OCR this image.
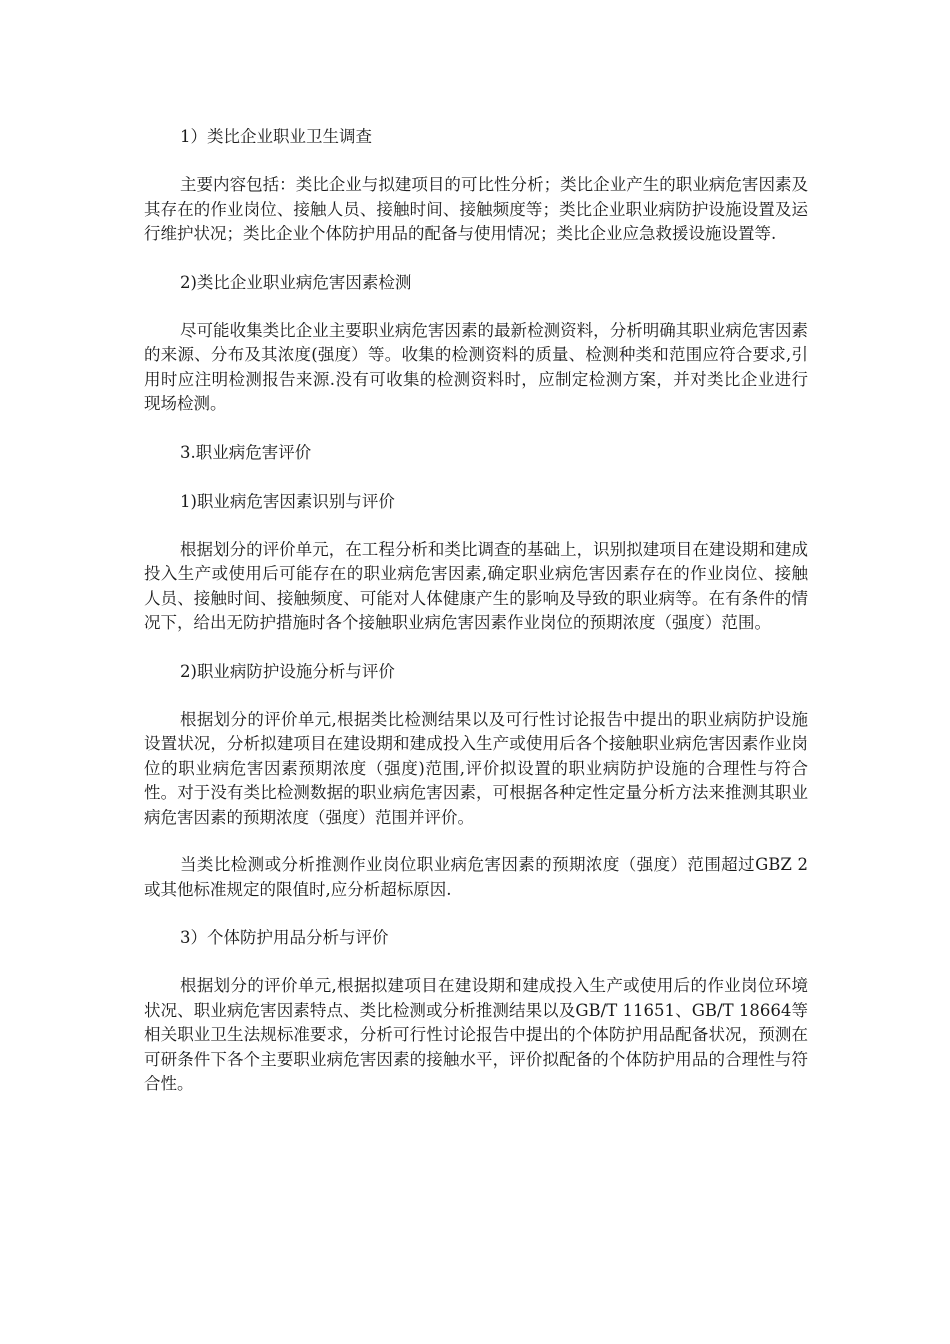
1）类比企业职业卫生调查

主要内容包括：类比企业与拟建项目的可比性分析；类比企业产生的职业病危害因素及其存在的作业岗位、接触人员、接触时间、接触频度等；类比企业职业病防护设施设置及运行维护状况；类比企业个体防护用品的配备与使用情况；类比企业应急救援设施设置等.

2)类比企业职业病危害因素检测

尽可能收集类比企业主要职业病危害因素的最新检测资料，分析明确其职业病危害因素的来源、分布及其浓度(强度）等。收集的检测资料的质量、检测种类和范围应符合要求,引用时应注明检测报告来源.没有可收集的检测资料时，应制定检测方案，并对类比企业进行现场检测。

3.职业病危害评价
1)职业病危害因素识别与评价

根据划分的评价单元，在工程分析和类比调查的基础上，识别拟建项目在建设期和建成投入生产或使用后可能存在的职业病危害因素,确定职业病危害因素存在的作业岗位、接触人员、接触时间、接触频度、可能对人体健康产生的影响及导致的职业病等。在有条件的情况下，给出无防护措施时各个接触职业病危害因素作业岗位的预期浓度（强度）范围。

2)职业病防护设施分析与评价

根据划分的评价单元,根据类比检测结果以及可行性讨论报告中提出的职业病防护设施设置状况，分析拟建项目在建设期和建成投入生产或使用后各个接触职业病危害因素作业岗位的职业病危害因素预期浓度（强度)范围,评价拟设置的职业病防护设施的合理性与符合性。对于没有类比检测数据的职业病危害因素，可根据各种定性定量分析方法来推测其职业病危害因素的预期浓度（强度）范围并评价。

当类比检测或分析推测作业岗位职业病危害因素的预期浓度（强度）范围超过GBZ 2或其他标准规定的限值时,应分析超标原因.

3）个体防护用品分析与评价

根据划分的评价单元,根据拟建项目在建设期和建成投入生产或使用后的作业岗位环境状况、职业病危害因素特点、类比检测或分析推测结果以及GB/T 11651、GB/T 18664等相关职业卫生法规标准要求，分析可行性讨论报告中提出的个体防护用品配备状况，预测在可研条件下各个主要职业病危害因素的接触水平，评价拟配备的个体防护用品的合理性与符合性。
